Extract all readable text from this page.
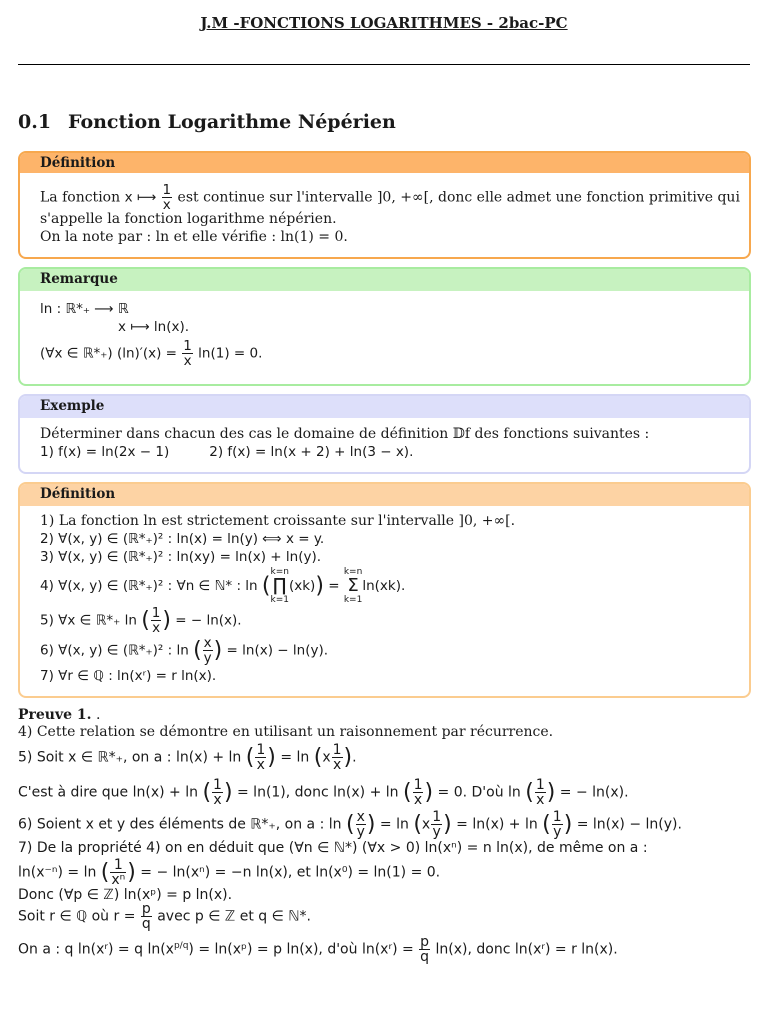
J.M -FONCTIONS LOGARITHMES - 2bac-PC
0.1 Fonction Logarithme Népérien
Définition
La fonction x ⟼ $\frac{1}{x}$ est continue sur l'intervalle ]0, +∞[, donc elle admet une fonction primitive qui
s'appelle la fonction logarithme népérien.
On la note par : ln et elle vérifie : ln(1) = 0.
Remarque
ln : ℝ*₊ ⟶ ℝ
x ⟼ ln(x).
(∀x ∈ ℝ*₊) $(\ln)'(x) = \frac{1}{x} \ln(1) = 0$.
Exemple
Déterminer dans chacun des cas le domaine de définition 𝔻f des fonctions suivantes :
1) f(x) = ln(2x − 1)	2) f(x) = ln(x + 2) + ln(3 − x).
Définition
1) La fonction ln est strictement croissante sur l'intervalle ]0, +∞[.
2) ∀(x, y) ∈ (ℝ*₊)² : ln(x) = ln(y) ⟺ x = y.
3) ∀(x, y) ∈ (ℝ*₊)² : ln(xy) = ln(x) + ln(y).
4) ∀(x, y) ∈ (ℝ*₊)² : ∀n ∈ ℕ* : ln (k=n
∏
k=1(xk)) = k=n
Σ
k=1ln(xk).
5) ∀x ∈ ℝ*₊ ln ( $\frac{1}{x}$ ) = − ln(x).
6) ∀(x, y) ∈ (ℝ*₊)² : ln ( $\frac{x}{y}$ ) = ln(x) − ln(y).
7) ∀r ∈ ℚ : ln(xʳ) = r ln(x).
Preuve 1. .
4) Cette relation se démontre en utilisant un raisonnement par récurrence.
5) Soit x ∈ ℝ*₊, on a : ln(x) + ln ( $\frac{1}{x}$ ) = $\ln (x \frac{1}{x}$ ).
C'est à dire que ln(x) + ln ( $\frac{1}{x}$ ) = ln(1), donc ln(x) + ln ( $\frac{1}{x}$ ) = 0. D'où ln ( $\frac{1}{x}$ ) = − ln(x).
6) Soient x et y des éléments de ℝ*₊, on a : ln ( $\frac{x}{y}$ ) = $\ln (x \frac{1}{y}$ ) = ln(x) + ln ( $\frac{1}{y}$ ) = ln(x) − ln(y).
7) De la propriété 4) on en déduit que (∀n ∈ ℕ*) (∀x > 0) ln(xⁿ) = n ln(x), de même on a :
ln(x⁻ⁿ) = ln ( $\frac{1}{\text{xⁿ}}$ ) = − ln(xⁿ) = −n ln(x), et ln(x⁰) = ln(1) = 0.
Donc (∀p ∈ ℤ) ln(xᵖ) = p ln(x).
Soit r ∈ ℚ où $r = \frac{p}{q}$ avec p ∈ ℤ et q ∈ ℕ*.
On a : q ln(xʳ) = q $\ln(x^{p/q})$ = ln(xᵖ) = p ln(x), d'où ln(xʳ) = $\frac{p}{q} \ln(x)$, donc ln(xʳ) = r ln(x).
